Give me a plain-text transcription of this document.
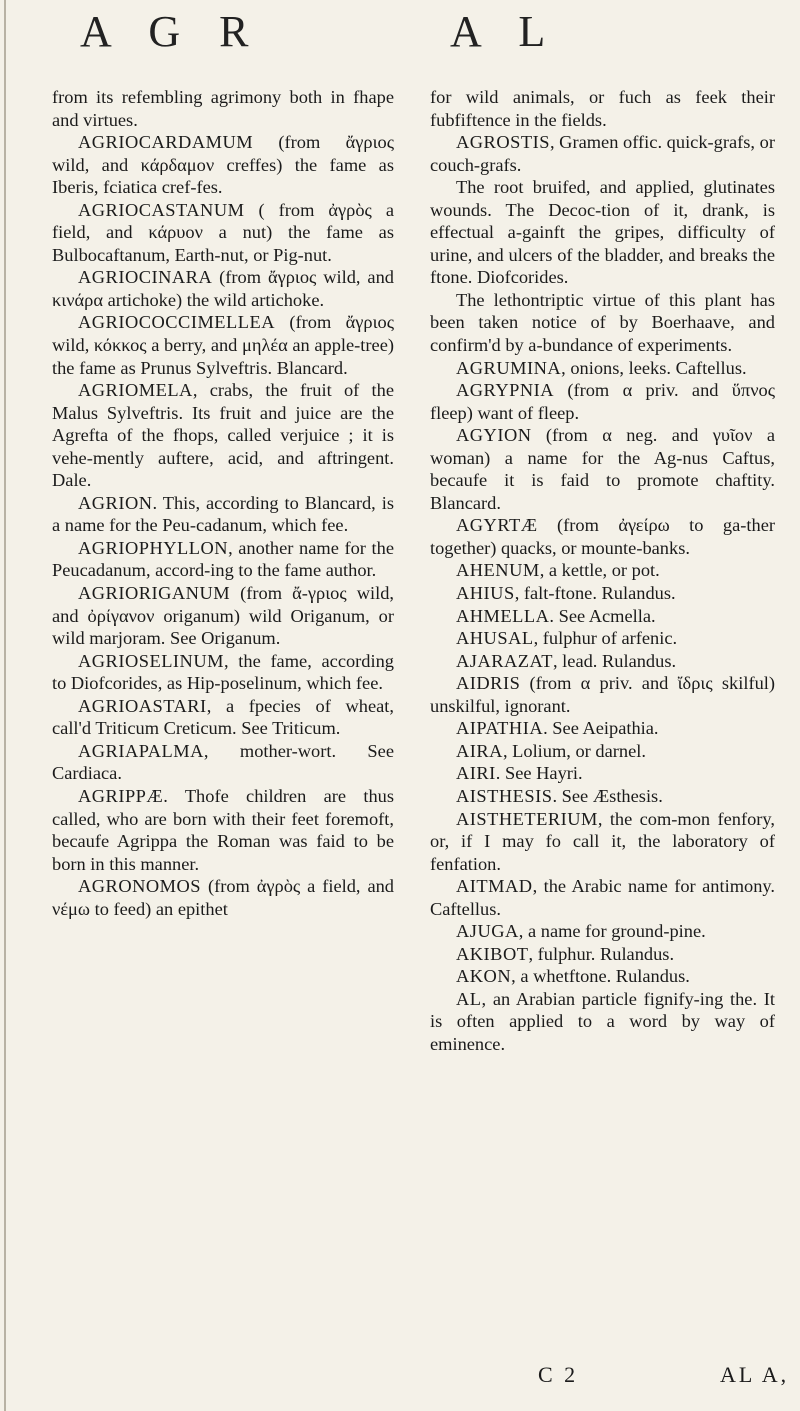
A G R	A L

from its refembling agrimony both in fhape and virtues.

AGRIOCARDAMUM (from ἄγριος wild, and κάρδαμον creffes) the fame as Iberis, fciatica cref-fes.

AGRIOCASTANUM ( from ἀγρὸς a field, and κάρυον a nut) the fame as Bulbocaftanum, Earth-nut, or Pig-nut.

AGRIOCINARA (from ἄγριος wild, and κινάρα artichoke) the wild artichoke.

AGRIOCOCCIMELLEA (from ἄγριος wild, κόκκος a berry, and μηλέα an apple-tree) the fame as Prunus Sylveftris. Blancard.

AGRIOMELA, crabs, the fruit of the Malus Sylveftris. Its fruit and juice are the Agrefta of the fhops, called verjuice ; it is vehe-mently auftere, acid, and aftringent. Dale.

AGRION. This, according to Blancard, is a name for the Peu-cadanum, which fee.

AGRIOPHYLLON, another name for the Peucadanum, accord-ing to the fame author.

AGRIORIGANUM (from ἄ-γριος wild, and ὀρίγανον origanum) wild Origanum, or wild marjoram. See Origanum.

AGRIOSELINUM, the fame, according to Diofcorides, as Hip-poselinum, which fee.

AGRIOASTARI, a fpecies of wheat, call'd Triticum Creticum. See Triticum.

AGRIAPALMA, mother-wort. See Cardiaca.

AGRIPPÆ. Thofe children are thus called, who are born with their feet foremoft, becaufe Agrippa the Roman was faid to be born in this manner.

AGRONOMOS (from ἀγρὸς a field, and νέμω to feed) an epithet

for wild animals, or fuch as feek their fubfiftence in the fields.

AGROSTIS, Gramen offic. quick-grafs, or couch-grafs.

The root bruifed, and applied, glutinates wounds. The Decoc-tion of it, drank, is effectual a-gainft the gripes, difficulty of urine, and ulcers of the bladder, and breaks the ftone. Diofcorides.

The lethontriptic virtue of this plant has been taken notice of by Boerhaave, and confirm'd by a-bundance of experiments.

AGRUMINA, onions, leeks. Caftellus.

AGRYPNIA (from α priv. and ὕπνος fleep) want of fleep.

AGYION (from α neg. and γυῖον a woman) a name for the Ag-nus Caftus, becaufe it is faid to promote chaftity. Blancard.

AGYRTÆ (from ἀγείρω to ga-ther together) quacks, or mounte-banks.

AHENUM, a kettle, or pot.

AHIUS, falt-ftone. Rulandus.

AHMELLA. See Acmella.

AHUSAL, fulphur of arfenic.

AJARAZAT, lead. Rulandus.

AIDRIS (from α priv. and ἴδρις skilful) unskilful, ignorant.

AIPATHIA. See Aeipathia.

AIRA, Lolium, or darnel.

AIRI. See Hayri.

AISTHESIS. See Æsthesis.

AISTHETERIUM, the com-mon fenfory, or, if I may fo call it, the laboratory of fenfation.

AITMAD, the Arabic name for antimony. Caftellus.

AJUGA, a name for ground-pine.

AKIBOT, fulphur. Rulandus.

AKON, a whetftone. Rulandus.

AL, an Arabian particle fignify-ing the. It is often applied to a word by way of eminence.

C 2	AL A,
